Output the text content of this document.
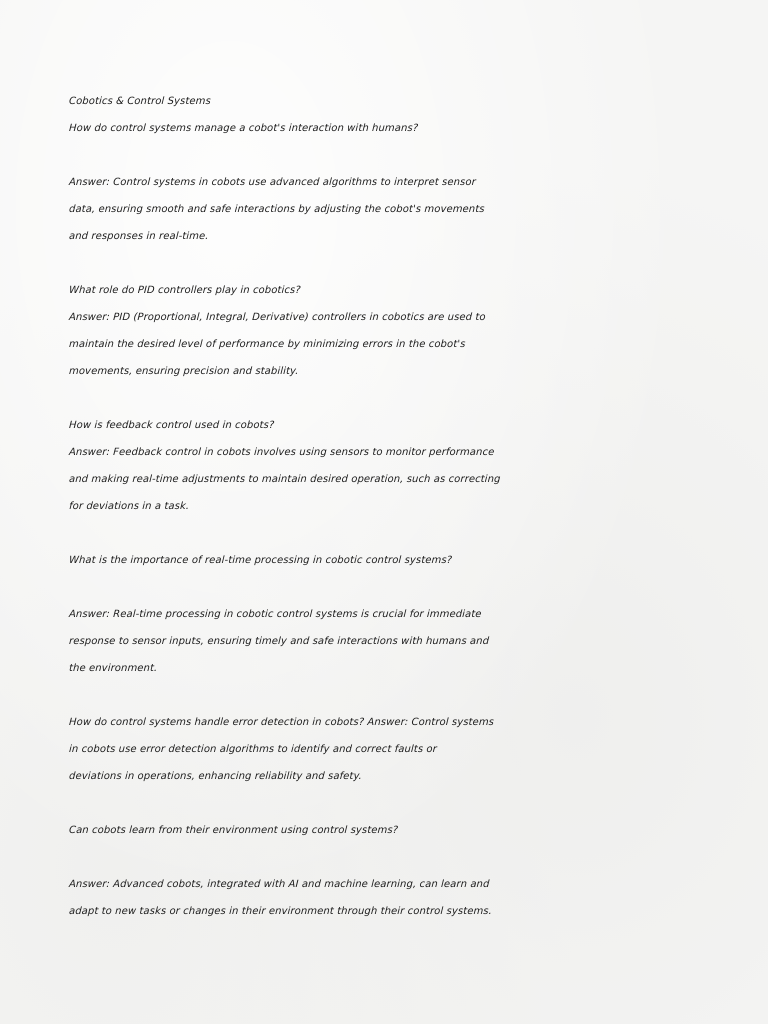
Cobotics & Control Systems
How do control systems manage a cobot's interaction with humans?
Answer: Control systems in cobots use advanced algorithms to interpret sensor
data, ensuring smooth and safe interactions by adjusting the cobot's movements
and responses in real-time.
What role do PID controllers play in cobotics?
Answer: PID (Proportional, Integral, Derivative) controllers in cobotics are used to
maintain the desired level of performance by minimizing errors in the cobot's
movements, ensuring precision and stability.
How is feedback control used in cobots?
Answer: Feedback control in cobots involves using sensors to monitor performance
and making real-time adjustments to maintain desired operation, such as correcting
for deviations in a task.
What is the importance of real-time processing in cobotic control systems?
Answer: Real-time processing in cobotic control systems is crucial for immediate
response to sensor inputs, ensuring timely and safe interactions with humans and
the environment.
How do control systems handle error detection in cobots? Answer: Control systems
in cobots use error detection algorithms to identify and correct faults or
deviations in operations, enhancing reliability and safety.
Can cobots learn from their environment using control systems?
Answer: Advanced cobots, integrated with AI and machine learning, can learn and
adapt to new tasks or changes in their environment through their control systems.
